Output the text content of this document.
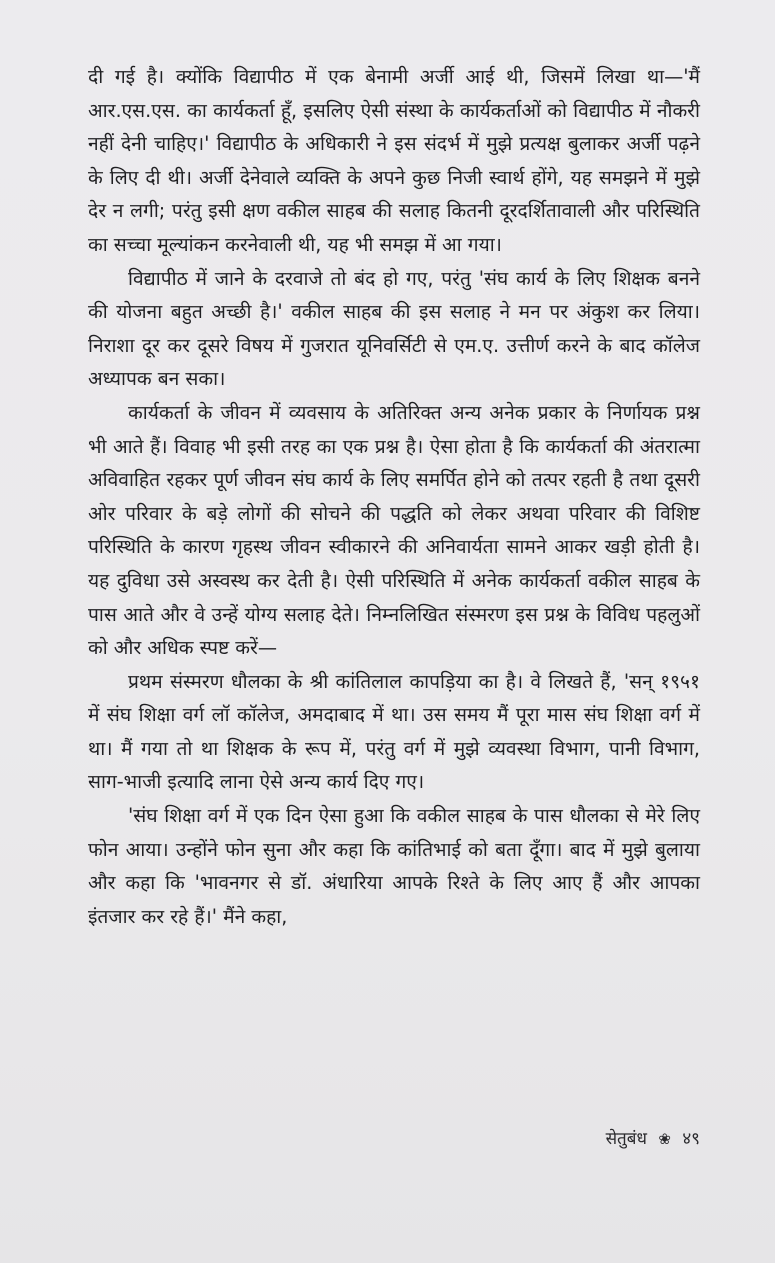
दी गई है। क्योंकि विद्यापीठ में एक बेनामी अर्जी आई थी, जिसमें लिखा था—'मैं आर.एस.एस. का कार्यकर्ता हूँ, इसलिए ऐसी संस्था के कार्यकर्ताओं को विद्यापीठ में नौकरी नहीं देनी चाहिए।' विद्यापीठ के अधिकारी ने इस संदर्भ में मुझे प्रत्यक्ष बुलाकर अर्जी पढ़ने के लिए दी थी। अर्जी देनेवाले व्यक्ति के अपने कुछ निजी स्वार्थ होंगे, यह समझने में मुझे देर न लगी; परंतु इसी क्षण वकील साहब की सलाह कितनी दूरदर्शितावाली और परिस्थिति का सच्चा मूल्यांकन करनेवाली थी, यह भी समझ में आ गया।

विद्यापीठ में जाने के दरवाजे तो बंद हो गए, परंतु 'संघ कार्य के लिए शिक्षक बनने की योजना बहुत अच्छी है।' वकील साहब की इस सलाह ने मन पर अंकुश कर लिया। निराशा दूर कर दूसरे विषय में गुजरात यूनिवर्सिटी से एम.ए. उत्तीर्ण करने के बाद कॉलेज अध्यापक बन सका।

कार्यकर्ता के जीवन में व्यवसाय के अतिरिक्त अन्य अनेक प्रकार के निर्णायक प्रश्न भी आते हैं। विवाह भी इसी तरह का एक प्रश्न है। ऐसा होता है कि कार्यकर्ता की अंतरात्मा अविवाहित रहकर पूर्ण जीवन संघ कार्य के लिए समर्पित होने को तत्पर रहती है तथा दूसरी ओर परिवार के बड़े लोगों की सोचने की पद्धति को लेकर अथवा परिवार की विशिष्ट परिस्थिति के कारण गृहस्थ जीवन स्वीकारने की अनिवार्यता सामने आकर खड़ी होती है। यह दुविधा उसे अस्वस्थ कर देती है। ऐसी परिस्थिति में अनेक कार्यकर्ता वकील साहब के पास आते और वे उन्हें योग्य सलाह देते। निम्नलिखित संस्मरण इस प्रश्न के विविध पहलुओं को और अधिक स्पष्ट करें—

प्रथम संस्मरण धौलका के श्री कांतिलाल कापड़िया का है। वे लिखते हैं, 'सन् १९५१ में संघ शिक्षा वर्ग लॉ कॉलेज, अमदाबाद में था। उस समय मैं पूरा मास संघ शिक्षा वर्ग में था। मैं गया तो था शिक्षक के रूप में, परंतु वर्ग में मुझे व्यवस्था विभाग, पानी विभाग, साग-भाजी इत्यादि लाना ऐसे अन्य कार्य दिए गए।

'संघ शिक्षा वर्ग में एक दिन ऐसा हुआ कि वकील साहब के पास धौलका से मेरे लिए फोन आया। उन्होंने फोन सुना और कहा कि कांतिभाई को बता दूँगा। बाद में मुझे बुलाया और कहा कि 'भावनगर से डॉ. अंधारिया आपके रिश्ते के लिए आए हैं और आपका इंतजार कर रहे हैं।' मैंने कहा,

सेतुबंध ❀ ४९
